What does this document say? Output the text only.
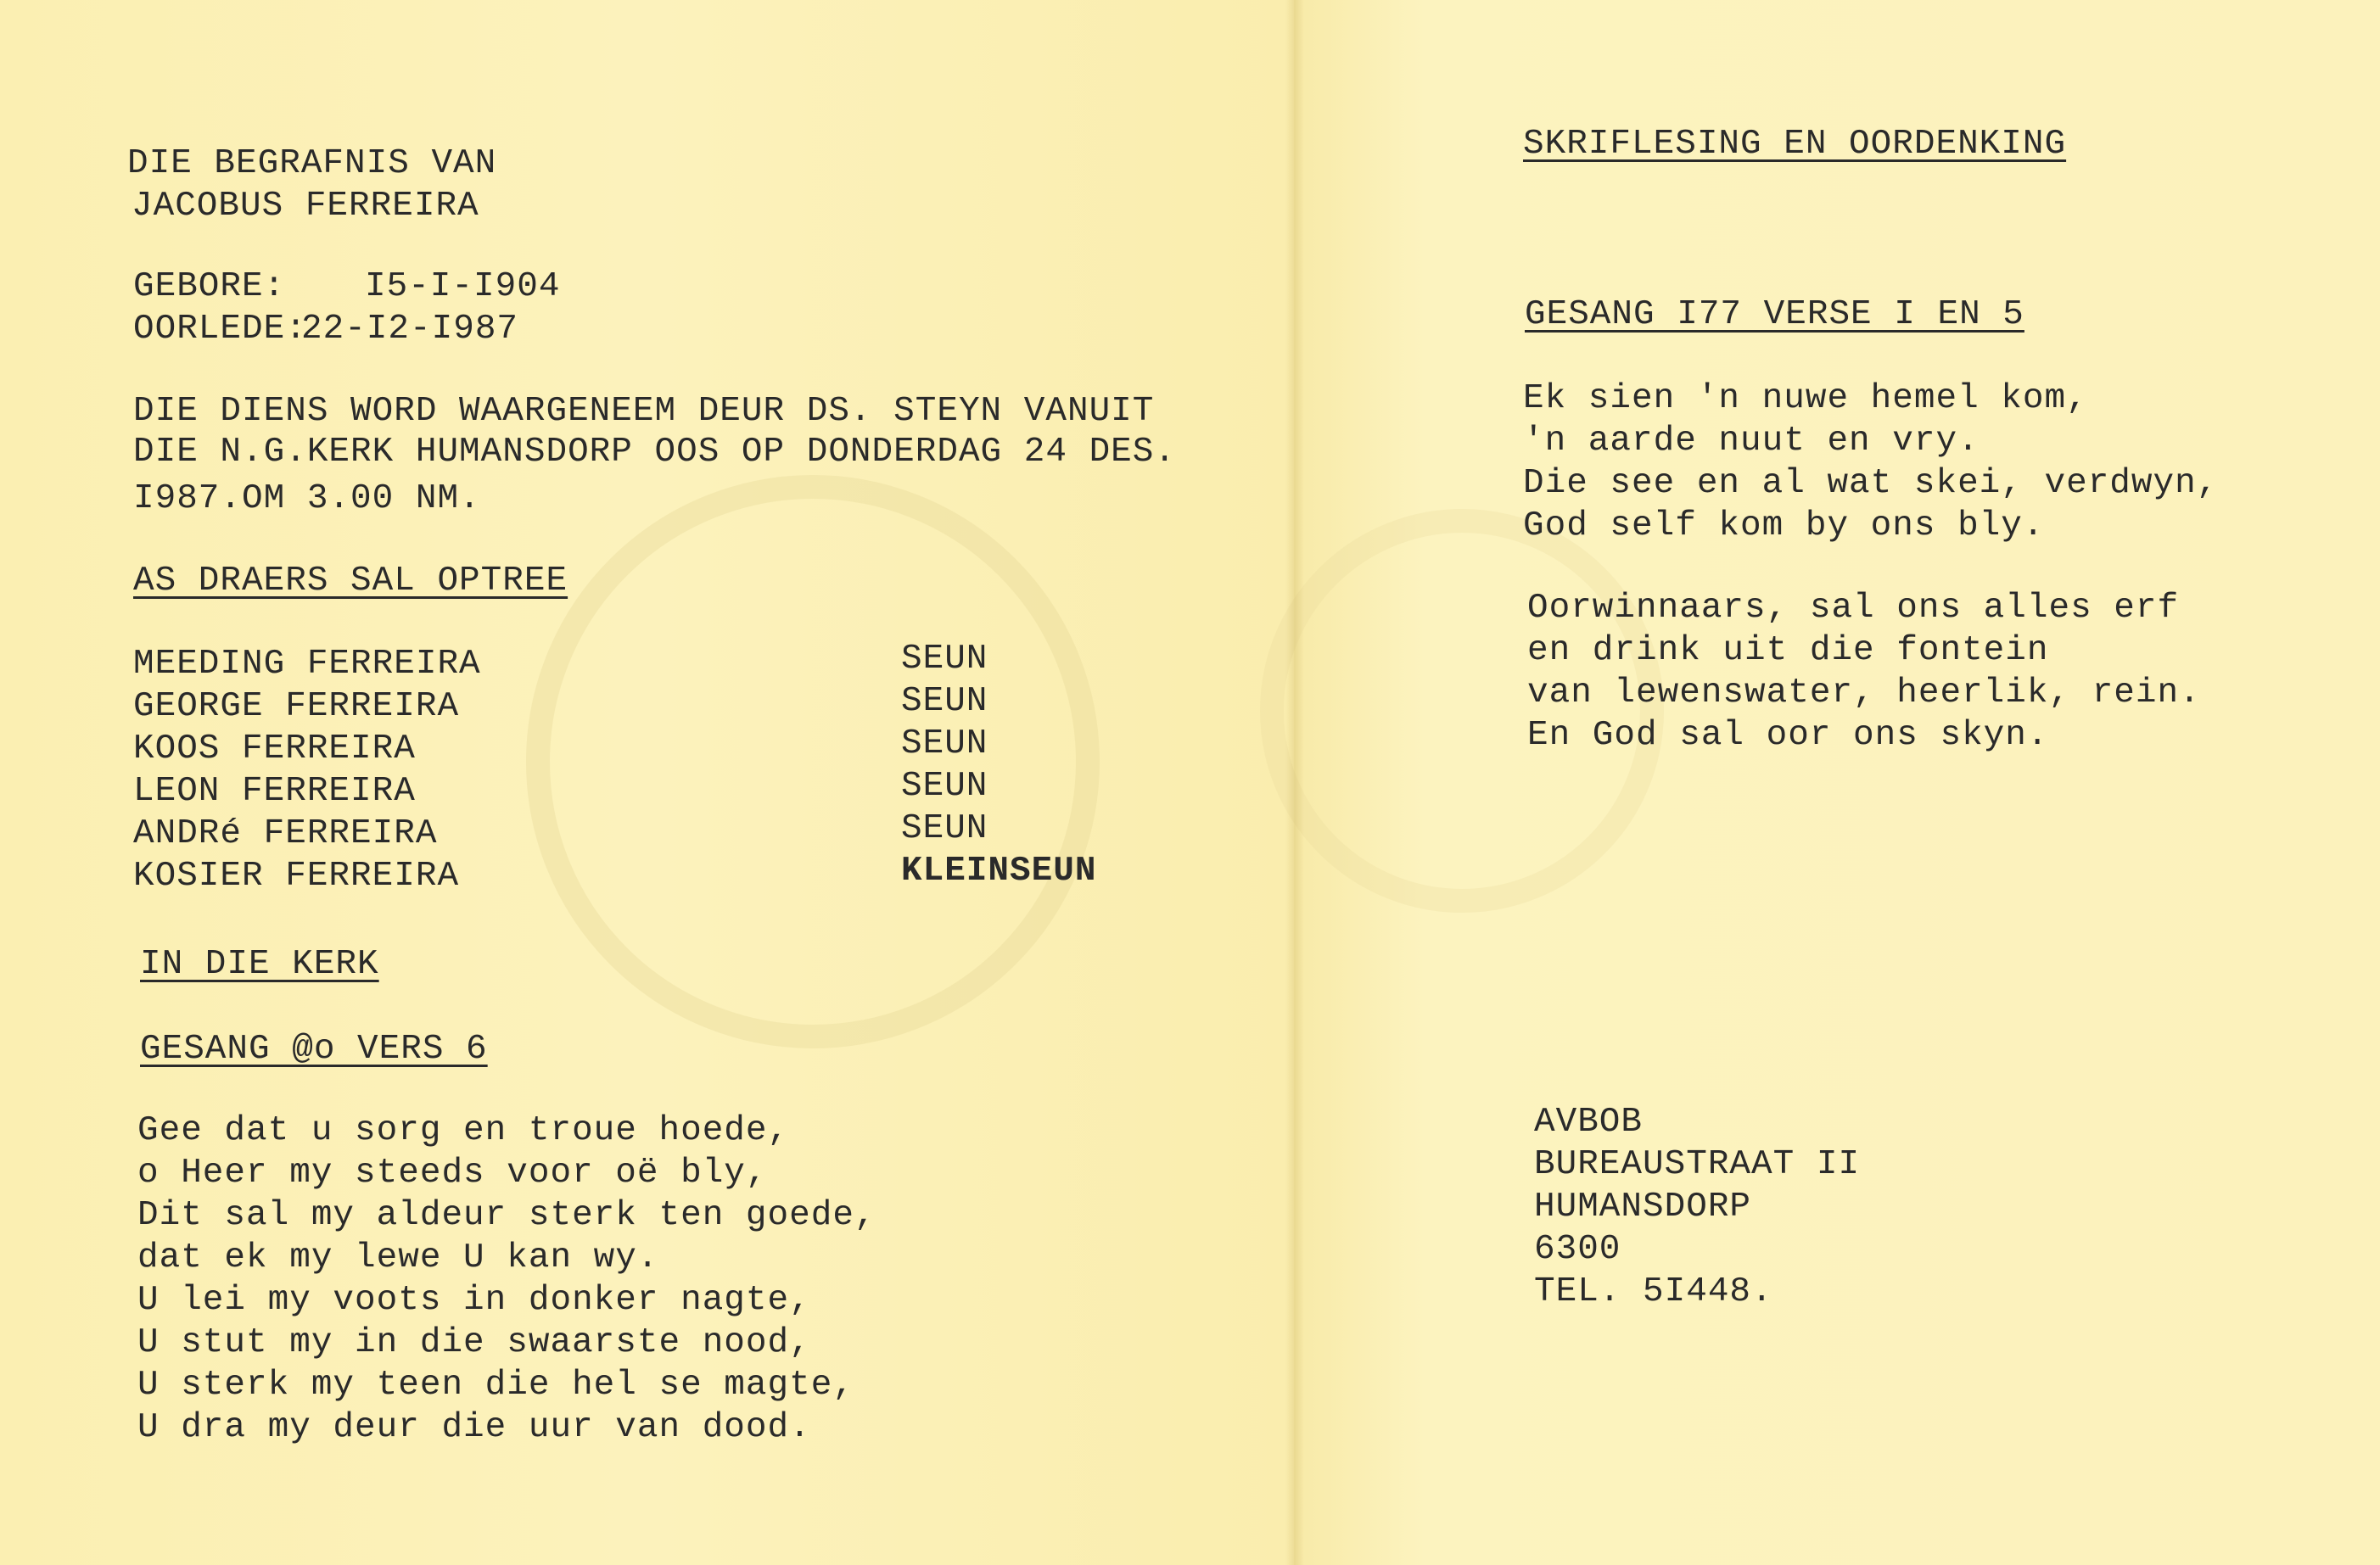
DIE BEGRAFNIS VAN
JACOBUS FERREIRA
GEBORE: I5-I-I904
OORLEDE:
22-I2-I987
DIE DIENS WORD WAARGENEEM DEUR DS. STEYN VANUIT
DIE N.G.KERK HUMANSDORP OOS OP DONDERDAG 24 DES.
I987.OM 3.00 NM.
AS DRAERS SAL OPTREE
MEEDING FERREIRA
GEORGE FERREIRA
KOOS FERREIRA
LEON FERREIRA
ANDRé FERREIRA
KOSIER FERREIRA
SEUN
SEUN
SEUN
SEUN
SEUN
KLEINSEUN
IN DIE KERK
GESANG @o VERS 6
Gee dat u sorg en troue hoede,
o Heer my steeds voor oë bly,
Dit sal my aldeur sterk ten goede,
dat ek my lewe U kan wy.
U lei my voots in donker nagte,
U stut my in die swaarste nood,
U sterk my teen die hel se magte,
U dra my deur die uur van dood.
SKRIFLESING EN OORDENKING
GESANG I77 VERSE I EN 5
Ek sien 'n nuwe hemel kom,
'n aarde nuut en vry.
Die see en al wat skei, verdwyn,
God self kom by ons bly.
Oorwinnaars, sal ons alles erf
en drink uit die fontein
van lewenswater, heerlik, rein.
En God sal oor ons skyn.
AVBOB
BUREAUSTRAAT II
HUMANSDORP
6300
TEL. 5I448.
